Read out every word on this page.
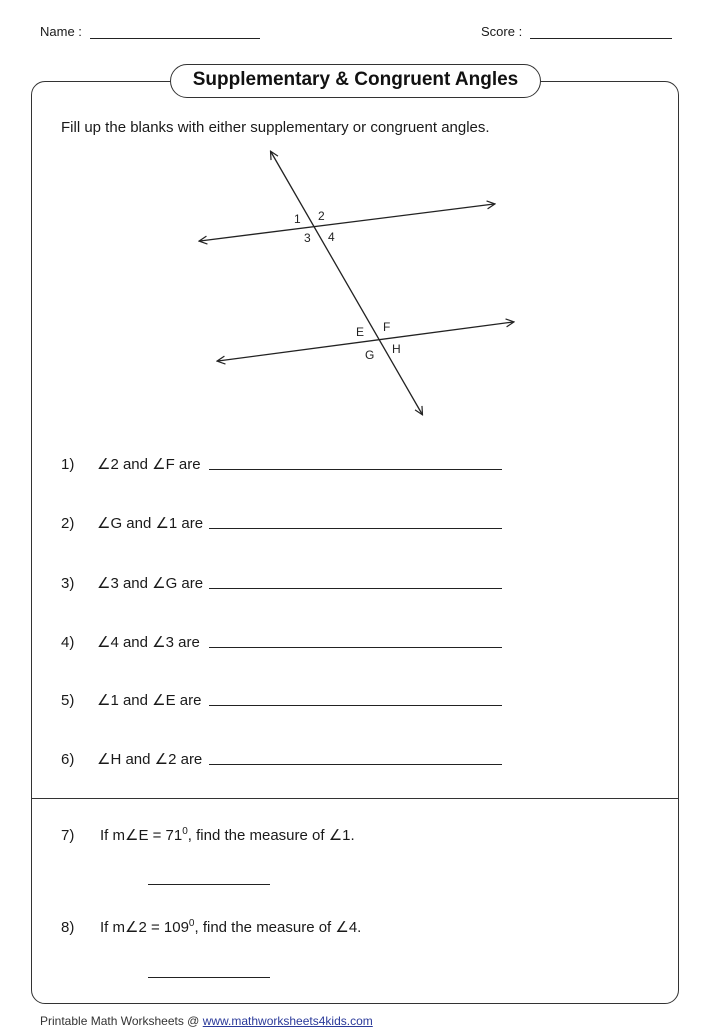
Name :	Score :
Supplementary & Congruent Angles
Fill up the blanks with either supplementary or congruent angles.
1 2
3 4
E F
G H
1) ∠2 and ∠F are
2) ∠G and ∠1 are
3) ∠3 and ∠G are
4) ∠4 and ∠3 are
5) ∠1 and ∠E are
6) ∠H and ∠2 are
7) If m∠E = $71^0$, find the measure of ∠1.
8) If m∠2 = $109^0$, find the measure of ∠4.
Printable Math Worksheets @ www.mathworksheets4kids.com
